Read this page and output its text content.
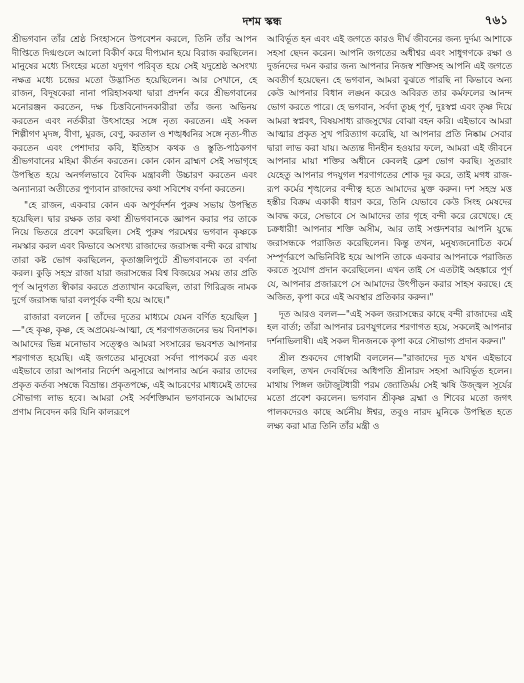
দশম স্কন্ধ	৭৬১

শ্রীভগবান তাঁর শ্রেষ্ঠ সিংহাসনে উপবেশন করলে, তিনি তাঁর আপন দীপ্তিতে দিগ্মণ্ডলে আলো বিকীর্ণ করে দীপ্যমান হয়ে বিরাজ করছিলেন। মানুষের মধ্যে সিংহের মতো যদুগণ পরিবৃত হয়ে সেই যদুশ্রেষ্ঠ অসংখ্য নক্ষত্র মধ্যে চন্দ্রের মতো উদ্ভাসিত হয়েছিলেন। আর সেখানে, হে রাজন, বিদূষকেরা নানা পরিহাসকথা দ্বারা প্রদর্শন করে শ্রীভগবানের মনোরঞ্জন করতেন, দক্ষ চিত্তবিনোদনকারীরা তাঁর জন্য অভিনয় করতেন এবং নর্তকীরা উৎসাহের সঙ্গে নৃত্য করতেন। এই সকল শিল্পীগণ মৃদঙ্গ, বীণা, মুরজ, বেণু, করতাল ও শঙ্খধ্বনির সঙ্গে নৃত্য-গীত করতেন এবং পেশাদার কবি, ইতিহাস কথক ও স্তুতি-পাঠকগণ শ্রীভগবানের মহিমা কীর্তন করতেন। কোন কোন ব্রাহ্মণ সেই সভাগৃহে উপস্থিত হয়ে অনর্গলভাবে বৈদিক মন্ত্রাবলী উচ্চারণ করতেন এবং অন্যান্যরা অতীতের পুণ্যবান রাজাদের কথা সবিশেষ বর্ণনা করতেন।

"হে রাজন, একবার কোন এক অপূর্বদর্শন পুরুষ সভায় উপস্থিত হয়েছিল। দ্বার রক্ষক তার কথা শ্রীভগবানকে জ্ঞাপন করার পর তাকে নিয়ে ভিতরে প্রবেশ করেছিল। সেই পুরুষ পরমেশ্বর ভগবান কৃষ্ণকে নমস্কার করল এবং কিভাবে অসংখ্য রাজাদের জরাসন্ধ বন্দী করে রাখায় তারা কষ্ট ভোগ করছিলেন, কৃতাঞ্জলিপুটে শ্রীভগবানকে তা বর্ণনা করল। কুড়ি সহস্র রাজা যারা জরাসন্ধের বিশ্ব বিজয়ের সময় তার প্রতি পূর্ণ আনুগত্য স্বীকার করতে প্রত্যাখান করেছিল, তারা গিরিব্রজ নামক দুর্গে জরাসন্ধ দ্বারা বলপূর্বক বন্দী হয়ে আছে।"

রাজারা বললেন [ তাঁদের দূতের মাধ্যমে যেমন বর্ণিত হয়েছিল ]—"হে কৃষ্ণ, কৃষ্ণ, হে অপ্রমেয়-আত্মা, হে শরণাগতজনের ভয় বিনাশক। আমাদের ভিন্ন মনোভাব সত্ত্বেও আমরা সংসারের ভয়বশত আপনার শরণাগত হয়েছি। এই জগতের মানুষেরা সর্বদা পাপকর্মে রত এবং এইভাবে তারা আপনার নির্দেশ অনুসারে আপনার অর্চন করার তাদের প্রকৃত কর্তব্য সম্বন্ধে বিভ্রান্ত। প্রকৃতপক্ষে, এই আচরণের মাধ্যমেই তাদের সৌভাগ্য লাভ হবে। আমরা সেই সর্বশক্তিমান ভগবানকে আমাদের প্রণাম নিবেদন করি যিনি কালরূপে

আবির্ভূত হন এবং এই জগতে কারও দীর্ঘ জীবনের জন্য দুর্দম্য আশাকে সহসা ছেদন করেন। আপনি জগতের অধীশ্বর এবং সাধুগণকে রক্ষা ও দুর্জনদের দমন করার জন্য আপনার নিজস্ব শক্তিসহ আপনি এই জগতে অবতীর্ণ হয়েছেন। হে ভগবান, আমরা বুঝতে পারছি না কিভাবে অন্য কেউ আপনার বিধান লঙ্ঘন করেও অবিরত তার কর্মফলের আনন্দ ভোগ করতে পারে। হে ভগবান, সর্বদা তুচ্ছ পূর্ণ, দুঃস্বপ্ন এবং তৃষ্ণ দিয়ে আমরা স্বপ্নবৎ, বিষয়সাধ্য রাজসুখের বোঝা বহন করি। এইভাবে আমরা আত্মার প্রকৃত সুখ পরিত্যাগ করেছি, যা আপনার প্রতি নিষ্কাম সেবার দ্বারা লাভ করা যায়। অত্যন্ত দীনহীন হওয়ার ফলে, আমরা এই জীবনে আপনার মায়া শক্তির অধীনে কেবলই ক্লেশ ভোগ করছি। সুতরাং যেহেতু আপনার পদযুগল শরণাগতের শোক দূর করে, তাই মগধ রাজ-রূপ কর্মের শৃঙ্খলের বন্দীত্ব হতে আমাদের মুক্ত করুন। দশ সহস্র মত্ত হস্তীর বিক্রম একাকী ধারণ করে, তিনি যেভাবে কেউ সিংহ মেষদের আবদ্ধ করে, সেভাবে সে আমাদের তার গৃহে বন্দী করে রেখেছে। হে চক্রধারী! আপনার শক্তি অসীম, আর তাই সপ্তদশবার আপনি যুদ্ধে জরাসন্ধকে পরাজিত করেছিলেন। কিন্তু তখন, মনুষ্যজনোচিত কর্মে সম্পূর্ণরূপে অভিনিবিষ্ট হয়ে আপনি তাকে একবার আপনাকে পরাজিত করতে সুযোগ প্রদান করেছিলেন। এখন তাই সে এতটাই অহঙ্কারে পূর্ণ যে, আপনার প্রজারূপে সে আমাদের উৎপীড়ন করার সাহস করছে। হে অজিত, কৃপা করে এই অবস্থার প্রতিকার করুন।"

দূত আরও বলল—"এই সকল জরাসন্ধের কাছে বন্দী রাজাদের এই হল বার্তা; তাঁরা আপনার চরণযুগলের শরণাগত হয়ে, সকলেই আপনার দর্শনাভিলাষী। এই সকল দীনজনকে কৃপা করে সৌভাগ্য প্রদান করুন।"

শ্রীল শুকদেব গোস্বামী বললেন—"রাজাদের দূত যখন এইভাবে বলছিল, তখন দেবর্ষিদের অধিপতি শ্রীনারদ সহসা আবির্ভূত হলেন। মাথায় পিঙ্গল জটাজুটধারী পরম জ্যোতির্ময় সেই ঋষি উজ্জ্বল সূর্যের মতো প্রবেশ করলেন। ভগবান শ্রীকৃষ্ণ ব্রহ্মা ও শিবের মতো জগৎ পালকদেরও কাছে অর্চনীয় ঈশ্বর, তবুও নারদ মুনিকে উপস্থিত হতে লক্ষ্য করা মাত্র তিনি তাঁর মন্ত্রী ও
